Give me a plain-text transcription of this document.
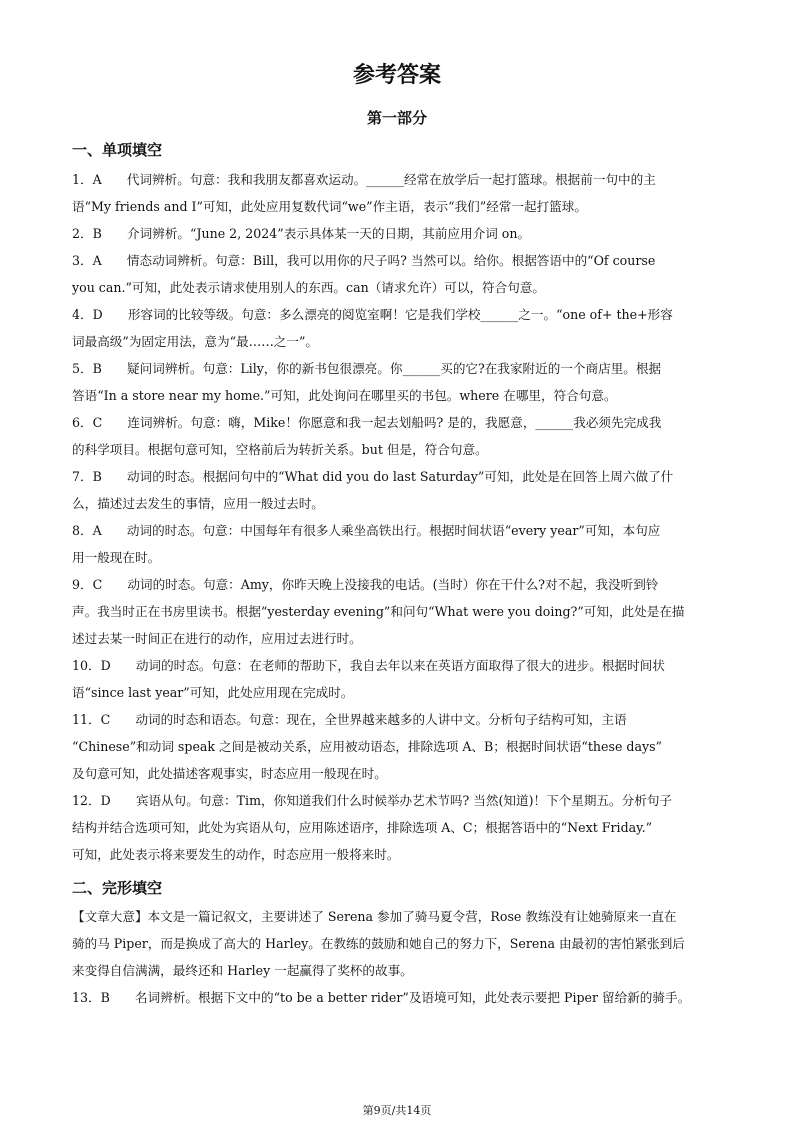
参考答案
第一部分
一、单项填空
1．A　　代词辨析。句意：我和我朋友都喜欢运动。______经常在放学后一起打篮球。根据前一句中的主
语“My friends and I”可知，此处应用复数代词“we”作主语，表示“我们”经常一起打篮球。
2．B　　介词辨析。“June 2, 2024”表示具体某一天的日期，其前应用介词 on。
3．A　　情态动词辨析。句意：Bill，我可以用你的尺子吗? 当然可以。给你。根据答语中的“Of course
you can.”可知，此处表示请求使用别人的东西。can（请求允许）可以，符合句意。
4．D　　形容词的比较等级。句意：多么漂亮的阅览室啊！它是我们学校______之一。“one of+ the+形容
词最高级”为固定用法，意为“最……之一”。
5．B　　疑问词辨析。句意：Lily，你的新书包很漂亮。你______买的它?在我家附近的一个商店里。根据
答语“In a store near my home.”可知，此处询问在哪里买的书包。where 在哪里，符合句意。
6．C　　连词辨析。句意：嗨，Mike！你愿意和我一起去划船吗? 是的，我愿意，______我必须先完成我
的科学项目。根据句意可知，空格前后为转折关系。but 但是，符合句意。
7．B　　动词的时态。根据问句中的“What did you do last Saturday”可知，此处是在回答上周六做了什
么，描述过去发生的事情，应用一般过去时。
8．A　　动词的时态。句意：中国每年有很多人乘坐高铁出行。根据时间状语“every year”可知，本句应
用一般现在时。
9．C　　动词的时态。句意：Amy，你昨天晚上没接我的电话。(当时）你在干什么?对不起，我没听到铃
声。我当时正在书房里读书。根据“yesterday evening”和问句“What were you doing?”可知，此处是在描
述过去某一时间正在进行的动作，应用过去进行时。
10．D　　动词的时态。句意：在老师的帮助下，我自去年以来在英语方面取得了很大的进步。根据时间状
语“since last year”可知，此处应用现在完成时。
11．C　　动词的时态和语态。句意：现在，全世界越来越多的人讲中文。分析句子结构可知，主语
“Chinese”和动词 speak 之间是被动关系，应用被动语态，排除选项 A、B；根据时间状语“these days”
及句意可知，此处描述客观事实，时态应用一般现在时。
12．D　　宾语从句。句意：Tim，你知道我们什么时候举办艺术节吗? 当然(知道)！下个星期五。分析句子
结构并结合选项可知，此处为宾语从句，应用陈述语序，排除选项 A、C；根据答语中的“Next Friday.”
可知，此处表示将来要发生的动作，时态应用一般将来时。
二、完形填空
【文章大意】本文是一篇记叙文，主要讲述了 Serena 参加了骑马夏令营，Rose 教练没有让她骑原来一直在
骑的马 Piper，而是换成了高大的 Harley。在教练的鼓励和她自己的努力下，Serena 由最初的害怕紧张到后
来变得自信满满，最终还和 Harley 一起赢得了奖杯的故事。
13．B　　名词辨析。根据下文中的“to be a better rider”及语境可知，此处表示要把 Piper 留给新的骑手。
第9页/共14页
